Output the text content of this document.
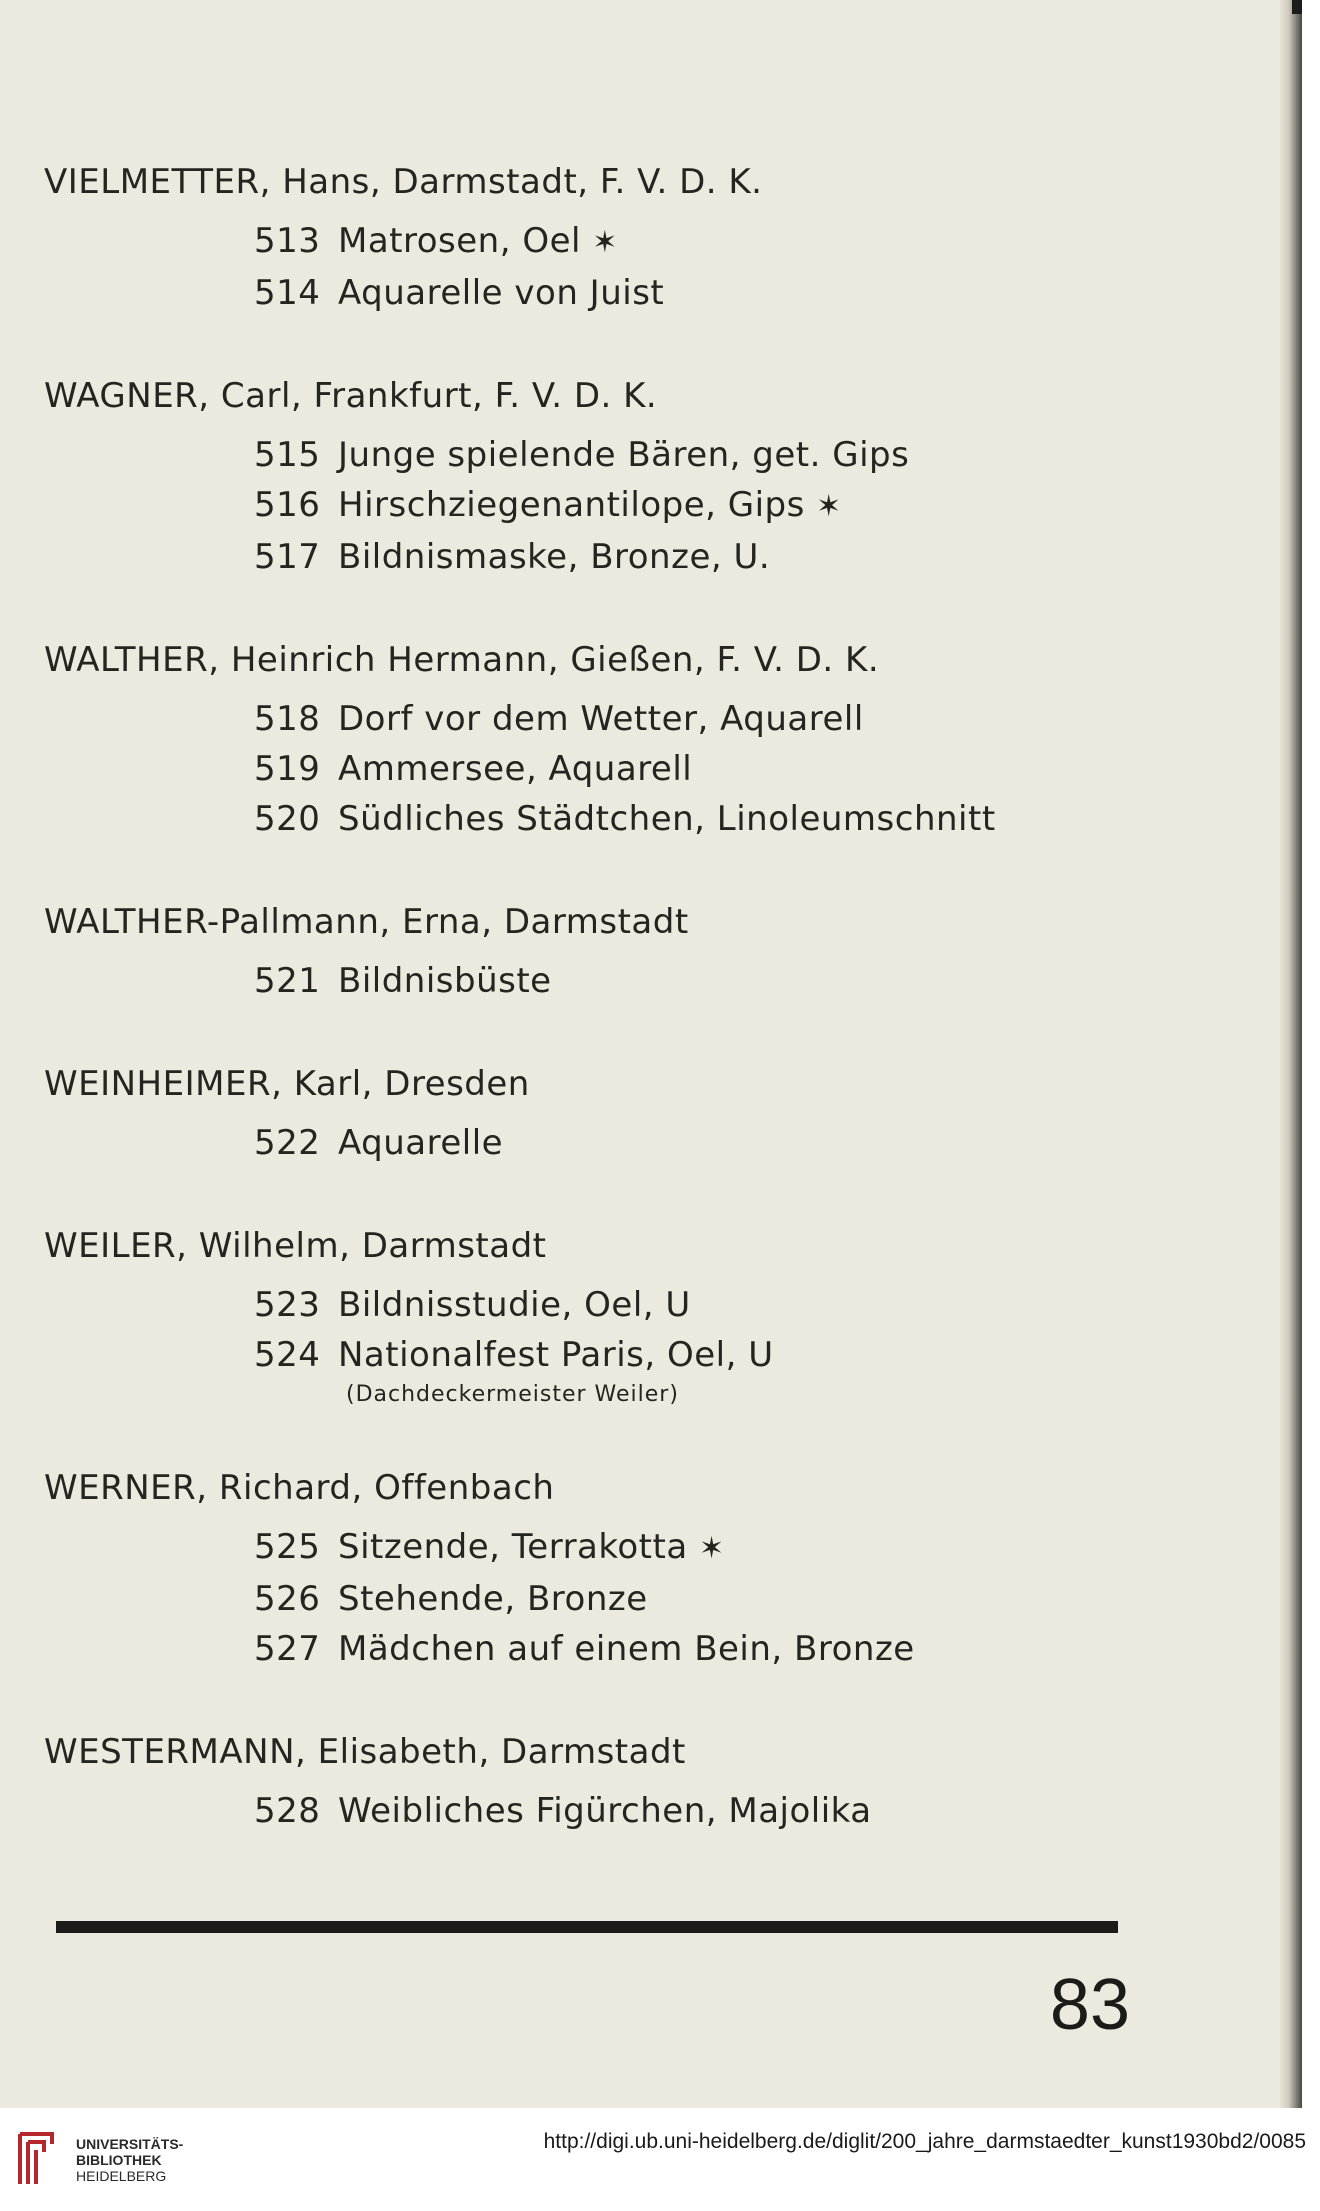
VIELMETTER, Hans, Darmstadt, F. V. D. K.
513 Matrosen, Oel ✶
514 Aquarelle von Juist
WAGNER, Carl, Frankfurt, F. V. D. K.
515 Junge spielende Bären, get. Gips
516 Hirschziegenantilope, Gips ✶
517 Bildnismaske, Bronze, U.
WALTHER, Heinrich Hermann, Gießen, F. V. D. K.
518 Dorf vor dem Wetter, Aquarell
519 Ammersee, Aquarell
520 Südliches Städtchen, Linoleumschnitt
WALTHER-Pallmann, Erna, Darmstadt
521 Bildnisbüste
WEINHEIMER, Karl, Dresden
522 Aquarelle
WEILER, Wilhelm, Darmstadt
523 Bildnisstudie, Oel, U
524 Nationalfest Paris, Oel, U
(Dachdeckermeister Weiler)
WERNER, Richard, Offenbach
525 Sitzende, Terrakotta ✶
526 Stehende, Bronze
527 Mädchen auf einem Bein, Bronze
WESTERMANN, Elisabeth, Darmstadt
528 Weibliches Figürchen, Majolika
83
UNIVERSITÄTS-
BIBLIOTHEK
HEIDELBERG
http://digi.ub.uni-heidelberg.de/diglit/200_jahre_darmstaedter_kunst1930bd2/0085
